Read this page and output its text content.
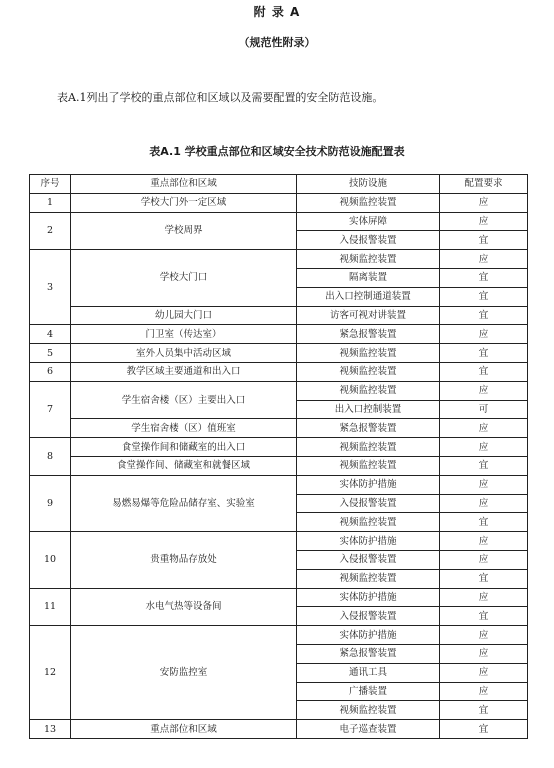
附 录 A
（规范性附录）
表A.1列出了学校的重点部位和区域以及需要配置的安全防范设施。
表A.1 学校重点部位和区域安全技术防范设施配置表
序号	重点部位和区域	技防设施	配置要求
1	学校大门外一定区域	视频监控装置	应
2	学校周界	实体屏障	应
		入侵报警装置	宜
3	学校大门口	视频监控装置	应
		隔离装置	宜
		出入口控制通道装置	宜
	幼儿园大门口	访客可视对讲装置	宜
4	门卫室（传达室）	紧急报警装置	应
5	室外人员集中活动区域	视频监控装置	宜
6	教学区域主要通道和出入口	视频监控装置	宜
7	学生宿舍楼（区）主要出入口	视频监控装置	应
		出入口控制装置	可
	学生宿舍楼（区）值班室	紧急报警装置	应
8	食堂操作间和储藏室的出入口	视频监控装置	应
	食堂操作间、储藏室和就餐区域	视频监控装置	宜
9	易燃易爆等危险品储存室、实验室	实体防护措施	应
		入侵报警装置	应
		视频监控装置	宜
10	贵重物品存放处	实体防护措施	应
		入侵报警装置	应
		视频监控装置	宜
11	水电气热等设备间	实体防护措施	应
		入侵报警装置	宜
12	安防监控室	实体防护措施	应
		紧急报警装置	应
		通讯工具	应
		广播装置	应
		视频监控装置	宜
13	重点部位和区域	电子巡查装置	宜
